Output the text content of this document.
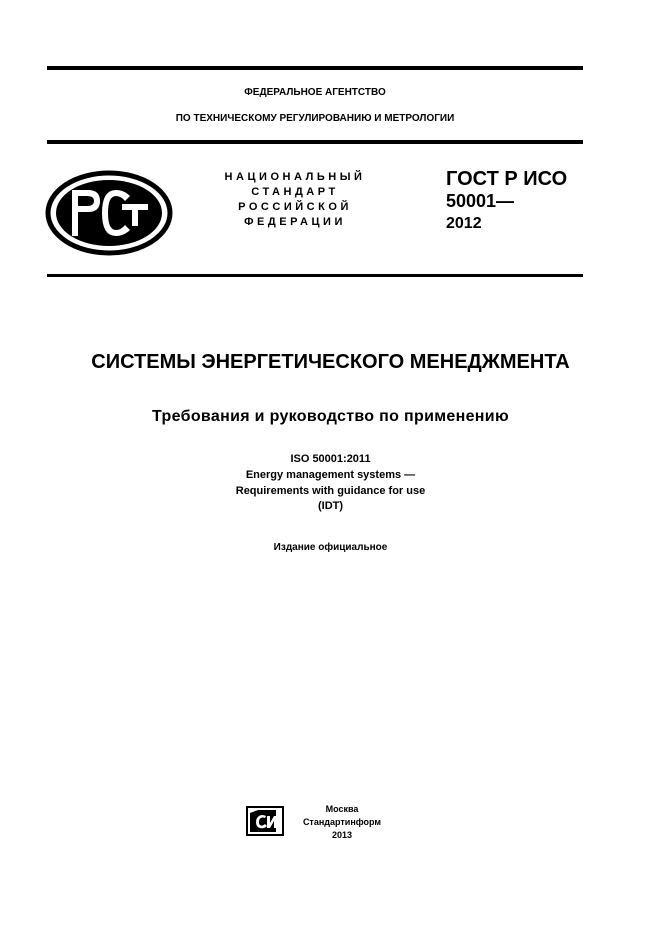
ФЕДЕРАЛЬНОЕ АГЕНТСТВО

ПО ТЕХНИЧЕСКОМУ РЕГУЛИРОВАНИЮ И МЕТРОЛОГИИ

НАЦИОНАЛЬНЫЙ

СТАНДАРТ

РОССИЙСКОЙ

ФЕДЕРАЦИИ

ГОСТ Р ИСО

50001—

2012

СИСТЕМЫ ЭНЕРГЕТИЧЕСКОГО МЕНЕДЖМЕНТА
Требования и руководство по применению

ISO 50001:2011

Energy management systems —

Requirements with guidance for use

(IDT)

Издание официальное

Москва

Стандартинформ

2013
